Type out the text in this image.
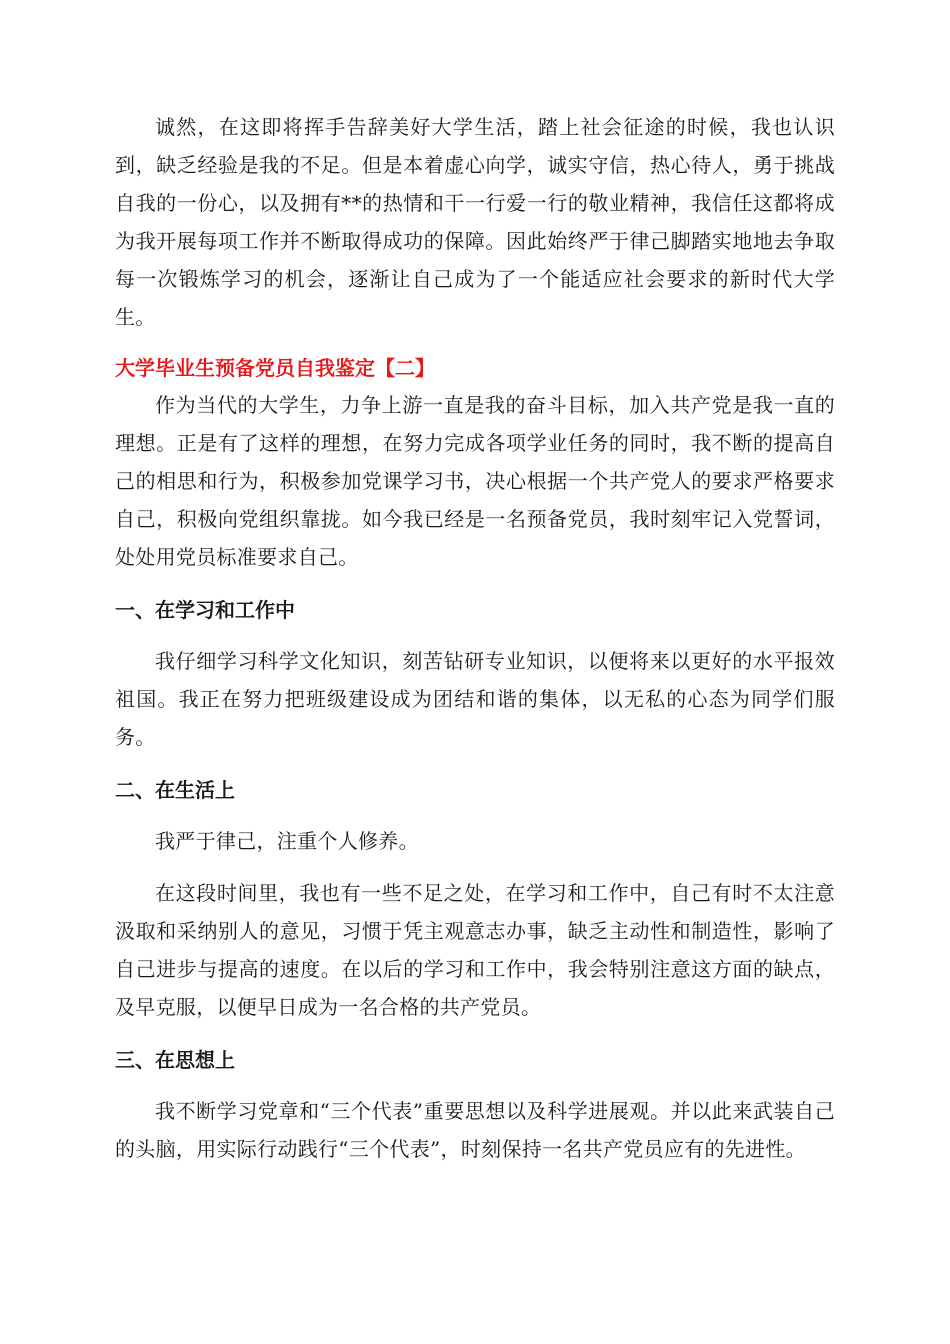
诚然，在这即将挥手告辞美好大学生活，踏上社会征途的时候，我也认识到，缺乏经验是我的不足。但是本着虚心向学，诚实守信，热心待人，勇于挑战自我的一份心，以及拥有**的热情和干一行爱一行的敬业精神，我信任这都将成为我开展每项工作并不断取得成功的保障。因此始终严于律己脚踏实地地去争取每一次锻炼学习的机会，逐渐让自己成为了一个能适应社会要求的新时代大学生。

大学毕业生预备党员自我鉴定【二】

作为当代的大学生，力争上游一直是我的奋斗目标，加入共产党是我一直的理想。正是有了这样的理想，在努力完成各项学业任务的同时，我不断的提高自己的相思和行为，积极参加党课学习书，决心根据一个共产党人的要求严格要求自己，积极向党组织靠拢。如今我已经是一名预备党员，我时刻牢记入党誓词，处处用党员标准要求自己。

一、在学习和工作中

我仔细学习科学文化知识，刻苦钻研专业知识，以便将来以更好的水平报效祖国。我正在努力把班级建设成为团结和谐的集体，以无私的心态为同学们服务。

二、在生活上

我严于律己，注重个人修养。

在这段时间里，我也有一些不足之处，在学习和工作中，自己有时不太注意汲取和采纳别人的意见，习惯于凭主观意志办事，缺乏主动性和制造性，影响了自己进步与提高的速度。在以后的学习和工作中，我会特别注意这方面的缺点，及早克服，以便早日成为一名合格的共产党员。

三、在思想上

我不断学习党章和“三个代表”重要思想以及科学进展观。并以此来武装自己的头脑，用实际行动践行“三个代表”，时刻保持一名共产党员应有的先进性。
